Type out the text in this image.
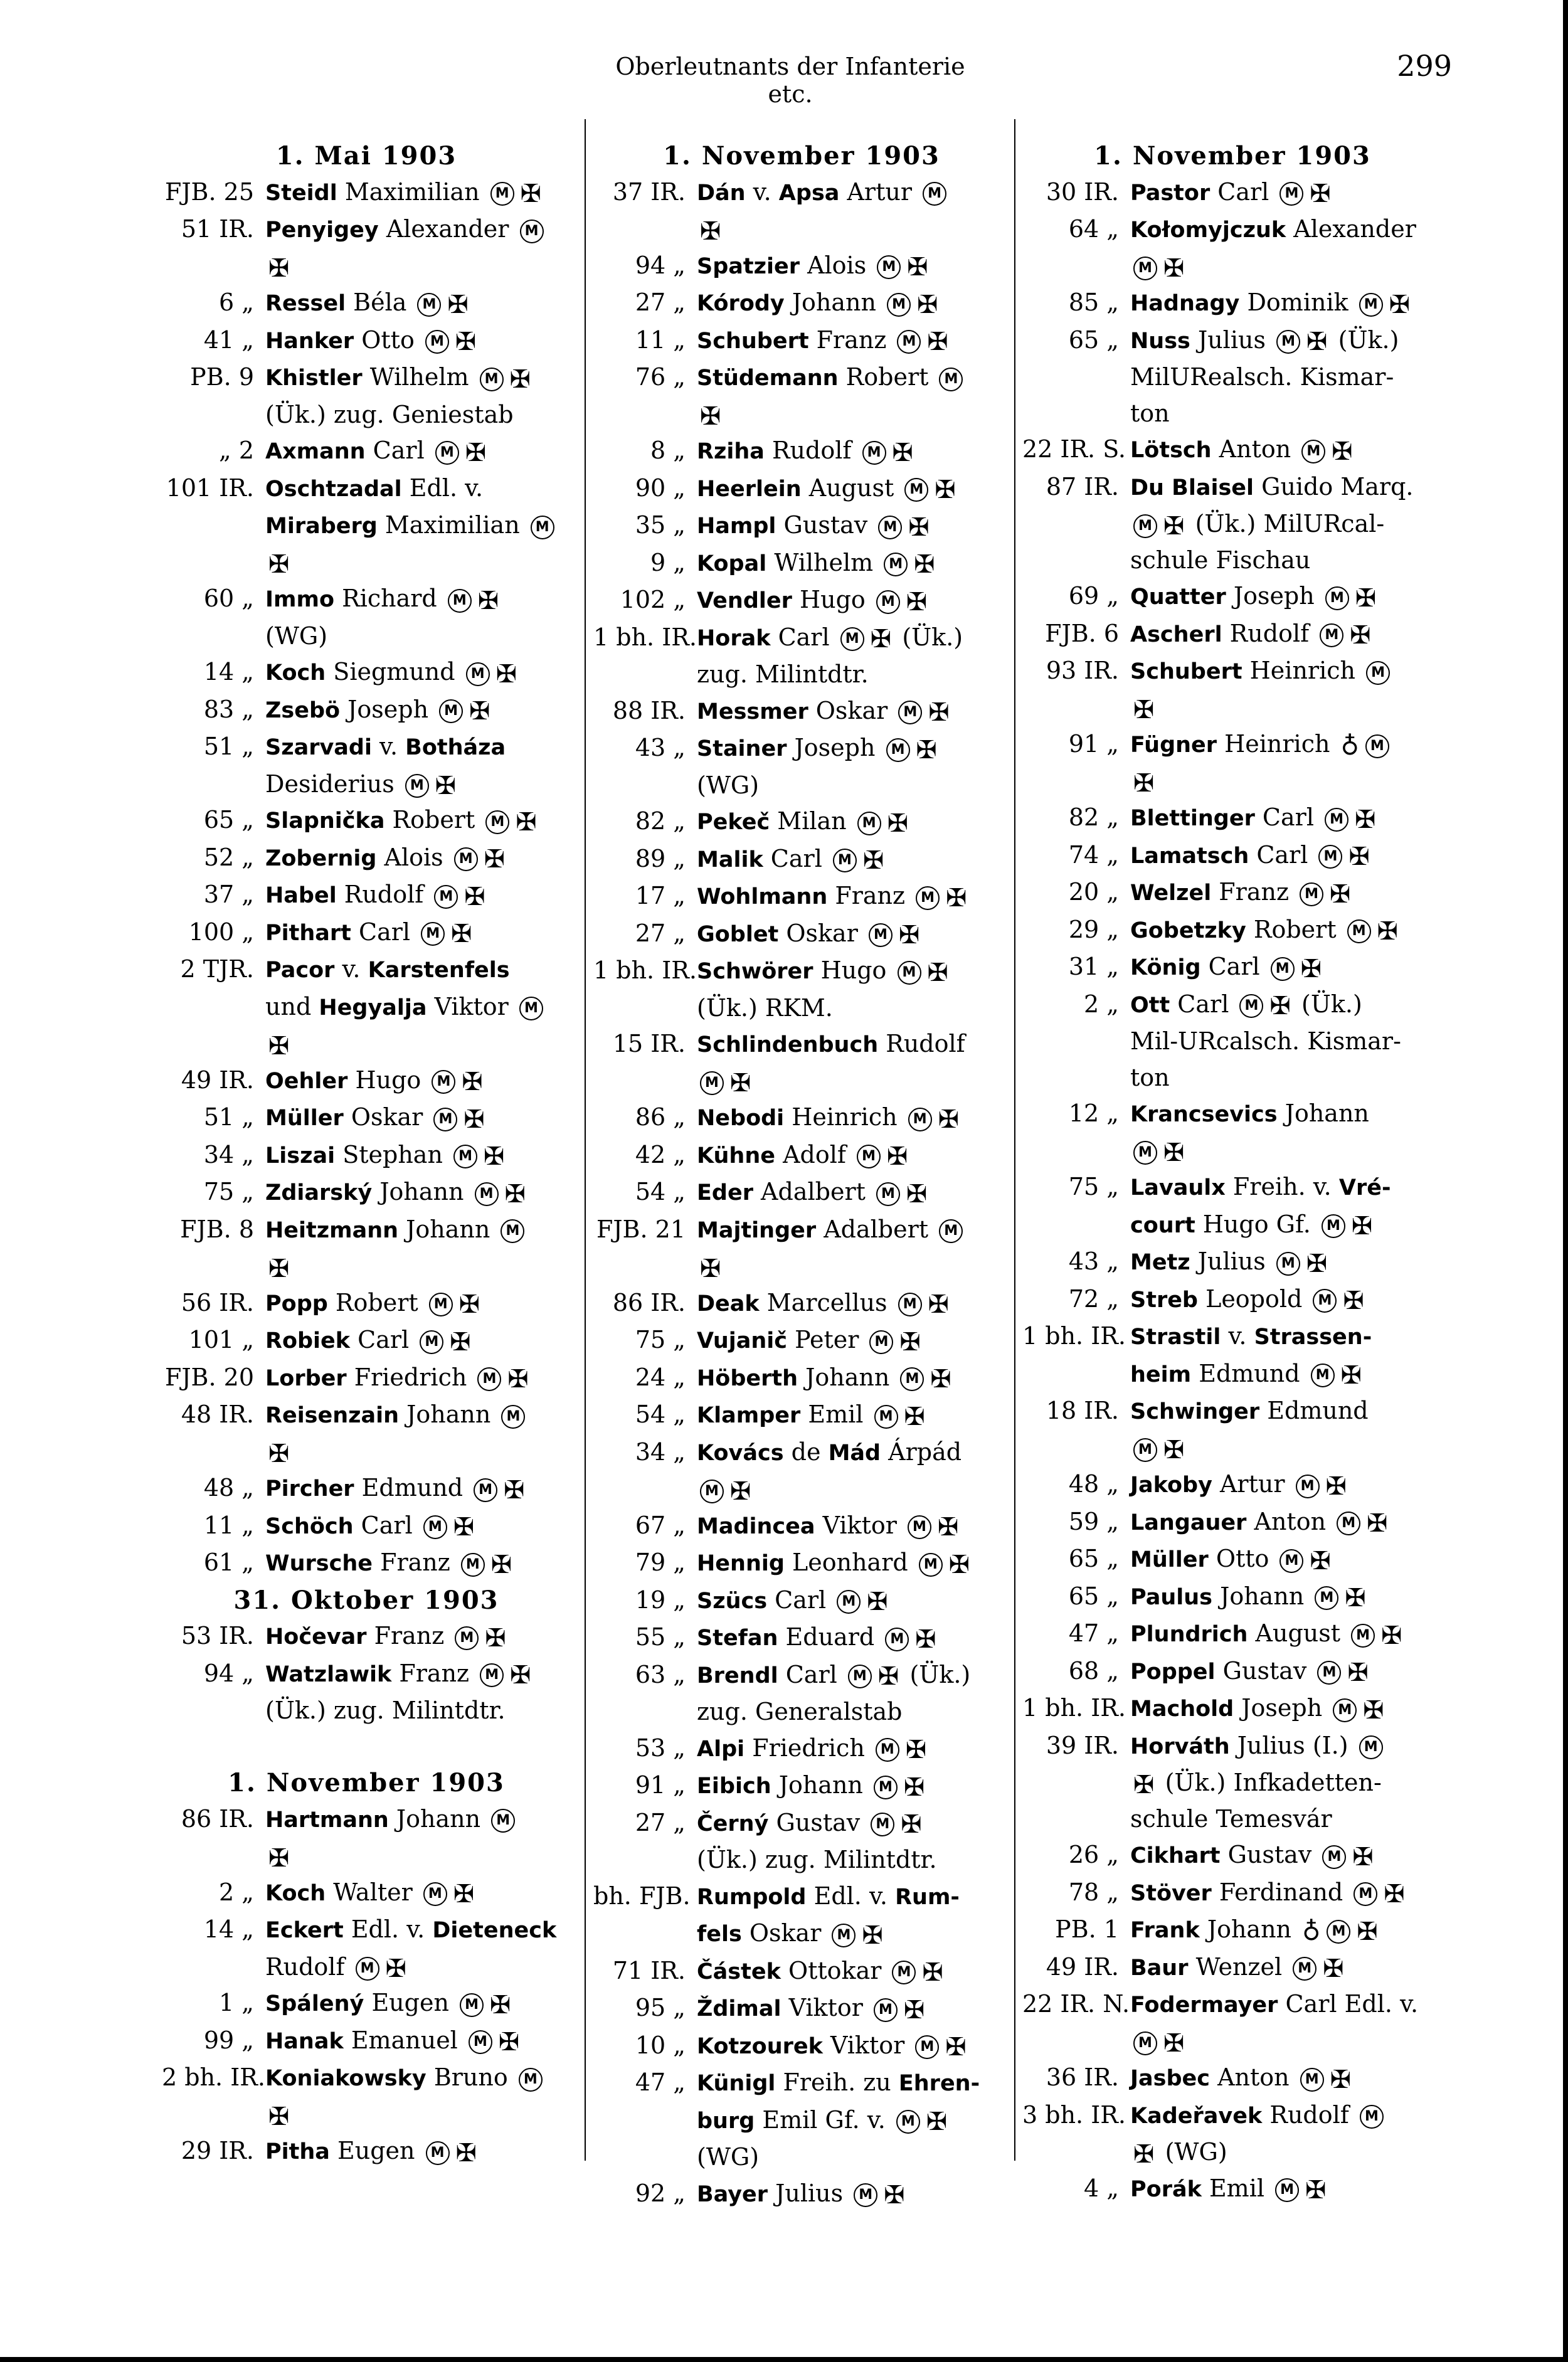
Oberleutnants der Infanterie etc.
299
1. Mai 1903
FJB. 25 Steidl Maximilian M ✠
51 IR. Penyigey Alexander M
✠
6 „ Ressel Béla M ✠
41 „ Hanker Otto M ✠
PB. 9 Khistler Wilhelm M ✠
(Ük.) zug. Geniestab
„ 2 Axmann Carl M ✠
101 IR. Oschtzadal Edl. v.
Miraberg Maximilian M
✠
60 „ Immo Richard M ✠
(WG)
14 „ Koch Siegmund M ✠
83 „ Zsebö Joseph M ✠
51 „ Szarvadi v. Botháza
Desiderius M ✠
65 „ Slapnička Robert M ✠
52 „ Zobernig Alois M ✠
37 „ Habel Rudolf M ✠
100 „ Pithart Carl M ✠
2 TJR. Pacor v. Karstenfels
und Hegyalja Viktor M
✠
49 IR. Oehler Hugo M ✠
51 „ Müller Oskar M ✠
34 „ Liszai Stephan M ✠
75 „ Zdiarský Johann M ✠
FJB. 8 Heitzmann Johann M
✠
56 IR. Popp Robert M ✠
101 „ Robiek Carl M ✠
FJB. 20 Lorber Friedrich M ✠
48 IR. Reisenzain Johann M
✠
48 „ Pircher Edmund M ✠
11 „ Schöch Carl M ✠
61 „ Wursche Franz M ✠
31. Oktober 1903
53 IR. Hočevar Franz M ✠
94 „ Watzlawik Franz M ✠
(Ük.) zug. Milintdtr.
1. November 1903
86 IR. Hartmann Johann M
✠
2 „ Koch Walter M ✠
14 „ Eckert Edl. v. Dieteneck
Rudolf M ✠
1 „ Spálený Eugen M ✠
99 „ Hanak Emanuel M ✠
2 bh. IR. Koniakowsky Bruno M
✠
29 IR. Pitha Eugen M ✠
1. November 1903
37 IR. Dán v. Apsa Artur M
✠
94 „ Spatzier Alois M ✠
27 „ Kórody Johann M ✠
11 „ Schubert Franz M ✠
76 „ Stüdemann Robert M
✠
8 „ Rziha Rudolf M ✠
90 „ Heerlein August M ✠
35 „ Hampl Gustav M ✠
9 „ Kopal Wilhelm M ✠
102 „ Vendler Hugo M ✠
1 bh. IR. Horak Carl M ✠ (Ük.)
zug. Milintdtr.
88 IR. Messmer Oskar M ✠
43 „ Stainer Joseph M ✠
(WG)
82 „ Pekeč Milan M ✠
89 „ Malik Carl M ✠
17 „ Wohlmann Franz M ✠
27 „ Goblet Oskar M ✠
1 bh. IR. Schwörer Hugo M ✠
(Ük.) RKM.
15 IR. Schlindenbuch Rudolf
M ✠
86 „ Nebodi Heinrich M ✠
42 „ Kühne Adolf M ✠
54 „ Eder Adalbert M ✠
FJB. 21 Majtinger Adalbert M
✠
86 IR. Deak Marcellus M ✠
75 „ Vujanič Peter M ✠
24 „ Höberth Johann M ✠
54 „ Klamper Emil M ✠
34 „ Kovács de Mád Árpád
M ✠
67 „ Madincea Viktor M ✠
79 „ Hennig Leonhard M ✠
19 „ Szücs Carl M ✠
55 „ Stefan Eduard M ✠
63 „ Brendl Carl M ✠ (Ük.)
zug. Generalstab
53 „ Alpi Friedrich M ✠
91 „ Eibich Johann M ✠
27 „ Černý Gustav M ✠
(Ük.) zug. Milintdtr.
bh. FJB. Rumpold Edl. v. Rum-
fels Oskar M ✠
71 IR. Částek Ottokar M ✠
95 „ Ždimal Viktor M ✠
10 „ Kotzourek Viktor M ✠
47 „ Künigl Freih. zu Ehren-
burg Emil Gf. v. M ✠
(WG)
92 „ Bayer Julius M ✠
1. November 1903
30 IR. Pastor Carl M ✠
64 „ Kołomyjczuk Alexander
M ✠
85 „ Hadnagy Dominik M ✠
65 „ Nuss Julius M ✠ (Ük.)
MilURealsch. Kismar-
ton
22 IR. S. Lötsch Anton M ✠
87 IR. Du Blaisel Guido Marq.
M ✠ (Ük.) MilURcal-
schule Fischau
69 „ Quatter Joseph M ✠
FJB. 6 Ascherl Rudolf M ✠
93 IR. Schubert Heinrich M
✠
91 „ Fügner Heinrich ♁ M
✠
82 „ Blettinger Carl M ✠
74 „ Lamatsch Carl M ✠
20 „ Welzel Franz M ✠
29 „ Gobetzky Robert M ✠
31 „ König Carl M ✠
2 „ Ott Carl M ✠ (Ük.)
Mil-URcalsch. Kismar-
ton
12 „ Krancsevics Johann
M ✠
75 „ Lavaulx Freih. v. Vré-
court Hugo Gf. M ✠
43 „ Metz Julius M ✠
72 „ Streb Leopold M ✠
1 bh. IR. Strastil v. Strassen-
heim Edmund M ✠
18 IR. Schwinger Edmund
M ✠
48 „ Jakoby Artur M ✠
59 „ Langauer Anton M ✠
65 „ Müller Otto M ✠
65 „ Paulus Johann M ✠
47 „ Plundrich August M ✠
68 „ Poppel Gustav M ✠
1 bh. IR. Machold Joseph M ✠
39 IR. Horváth Julius (I.) M
✠ (Ük.) Infkadetten-
schule Temesvár
26 „ Cikhart Gustav M ✠
78 „ Stöver Ferdinand M ✠
PB. 1 Frank Johann ♁ M ✠
49 IR. Baur Wenzel M ✠
22 IR. N. Fodermayer Carl Edl. v.
M ✠
36 IR. Jasbec Anton M ✠
3 bh. IR. Kadeřavek Rudolf M
✠ (WG)
4 „ Porák Emil M ✠
